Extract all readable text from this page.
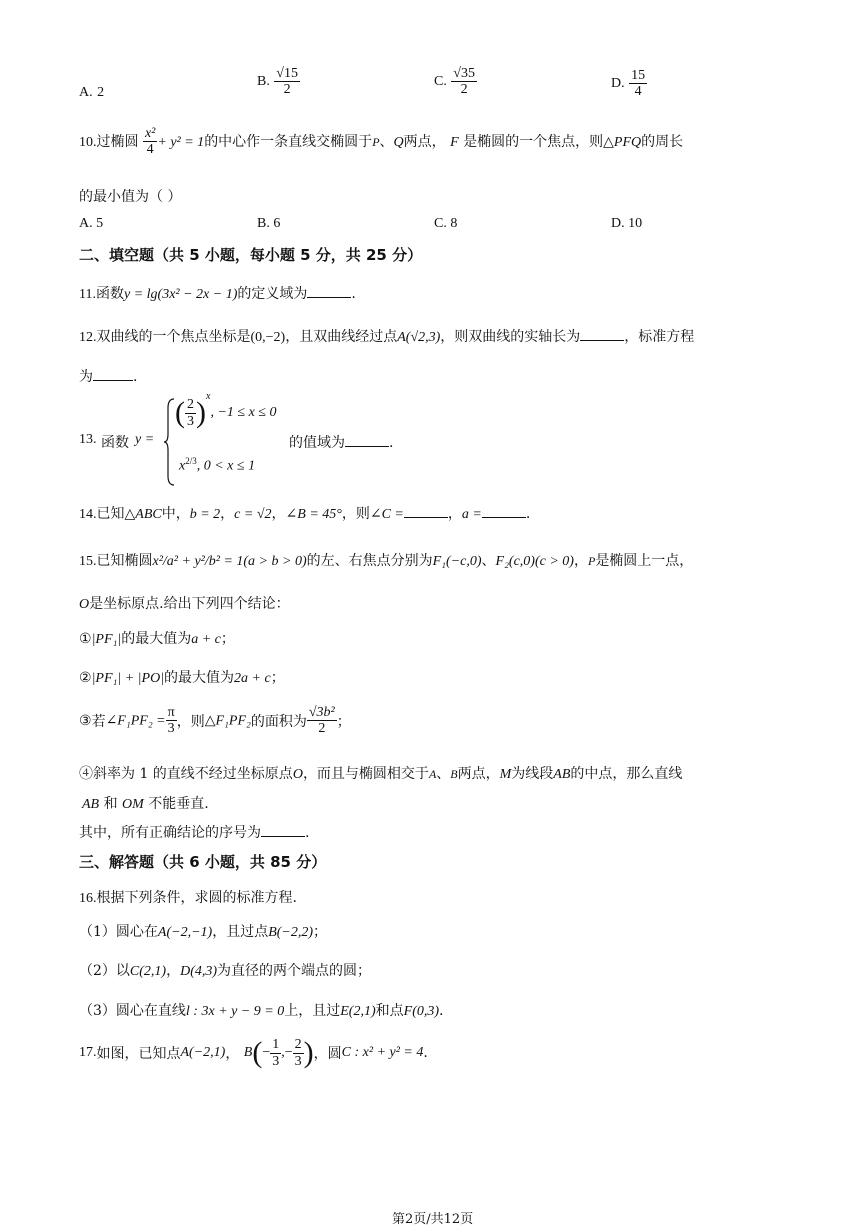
A. 2
B. $\frac{√15}{2}$	C. $\frac{√35}{2}$	D. $\frac{15}{4}$
10.过椭圆 $\frac{\text{x²}}{4} + y^2 = 1$的中心作一条直线交椭圆于P、Q两点， F 是椭圆的一个焦点，则△PFQ的周长
的最小值为（ ）
A. 5	B. 6	C. 8	D. 10
二、填空题（共 5 小题，每小题 5 分，共 25 分）
11.函数y = lg(3x² − 2x − 1)的定义域为	.
12.双曲线的一个焦点坐标是(0,−2)，且双曲线经过点A(√2,3)，则双曲线的实轴长为	，标准方程
为	.
13. 函数 y =
( $\frac{2}{3} )^x$, −1 ≤ x ≤ 0
$x^{2/3}$, 0 < x ≤ 1
的值域为	.
14.已知△ABC中，b = 2，c = √2，∠B = 45°，则∠C =	，a =	.
15.已知椭圆x²/a² + y²/b² = 1(a > b > 0)的左、右焦点分别为F₁(−c,0)、F₂(c,0)(c > 0)，P是椭圆上一点，
O是坐标原点.给出下列四个结论：
①|PF₁|的最大值为a + c；
②|PF₁| + |PO|的最大值为2a + c；
③若∠F₁PF₂ = $\frac{\pi}{3}$ ，则△F₁PF₂的面积为 $\frac{\text{√3b²}}{2}$ ；
④斜率为 1 的直线不经过坐标原点O，而且与椭圆相交于A、B两点，M为线段AB的中点，那么直线
AB 和 OM 不能垂直.
其中，所有正确结论的序号为	.
三、解答题（共 6 小题，共 85 分）
16.根据下列条件，求圆的标准方程.
（1）圆心在A(−2,−1)，且过点B(−2,2)；
（2）以C(2,1)，D(4,3)为直径的两个端点的圆；
（3）圆心在直线l : 3x + y − 9 = 0上，且过E(2,1)和点F(0,3).
17.如图，已知点A(−2,1)， $B(- \frac{1}{3}$ ,− $\frac{2}{3}$ )，圆C : x² + y² = 4.
第2页/共12页
